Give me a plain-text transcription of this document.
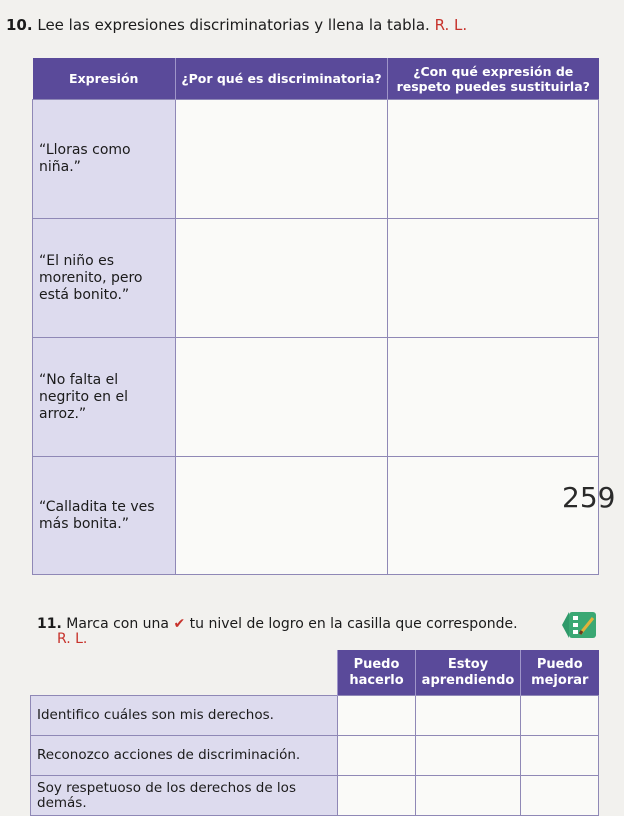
10. Lee las expresiones discriminatorias y llena la tabla. R. L.
Expresión	¿Por qué es discriminatoria?	¿Con qué expresión de respeto puedes sustituirla?
“Lloras como niña.”		
“El niño es morenito, pero está bonito.”		
“No falta el negrito en el arroz.”		
“Calladita te ves más bonita.”		
259
11. Marca con una ✔ tu nivel de logro en la casilla que corresponde.
R. L.
	Puedo hacerlo	Estoy aprendiendo	Puedo mejorar
Identifico cuáles son mis derechos.			
Reconozco acciones de discriminación.			
Soy respetuoso de los derechos de los demás.			
